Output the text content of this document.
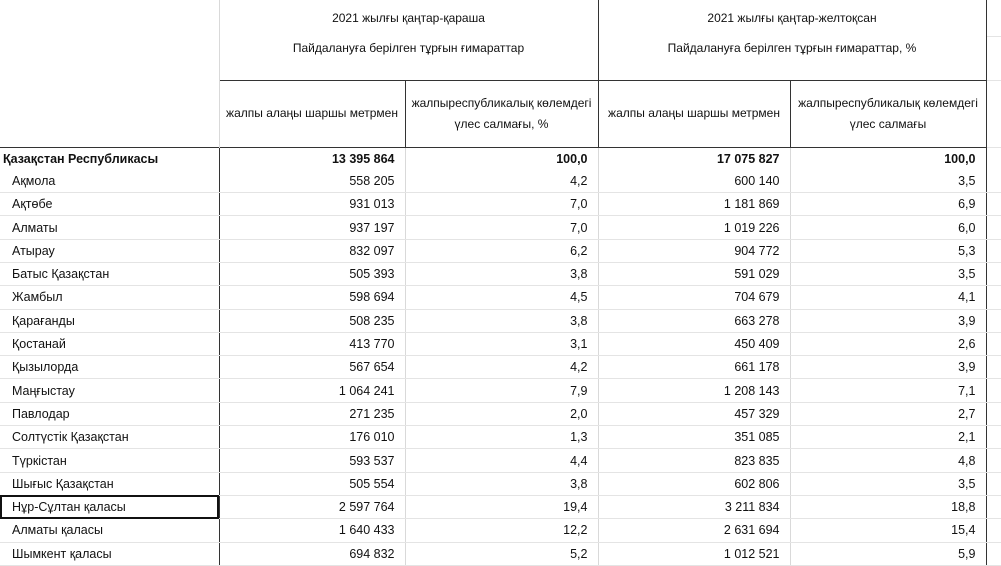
	2021 жылғы қаңтар-қараша		2021 жылғы қаңтар-желтоқсан		
	Пайдалануға берілген тұрғын ғимараттар		Пайдалануға берілген тұрғын ғимараттар, %		
	жалпы алаңы шаршы метрмен	жалпыреспубликалық көлемдегі үлес салмағы, %	жалпы алаңы шаршы метрмен	жалпыреспубликалық көлемдегі үлес салмағы	
Қазақстан Республикасы	13 395 864	100,0	17 075 827	100,0	
Ақмола	558 205	4,2	600 140	3,5	
Ақтөбе	931 013	7,0	1 181 869	6,9	
Алматы	937 197	7,0	1 019 226	6,0	
Атырау	832 097	6,2	904 772	5,3	
Батыс Қазақстан	505 393	3,8	591 029	3,5	
Жамбыл	598 694	4,5	704 679	4,1	
Қарағанды	508 235	3,8	663 278	3,9	
Қостанай	413 770	3,1	450 409	2,6	
Қызылорда	567 654	4,2	661 178	3,9	
Маңғыстау	1 064 241	7,9	1 208 143	7,1	
Павлодар	271 235	2,0	457 329	2,7	
Солтүстік Қазақстан	176 010	1,3	351 085	2,1	
Түркістан	593 537	4,4	823 835	4,8	
Шығыс Қазақстан	505 554	3,8	602 806	3,5	
Нұр-Сұлтан қаласы	2 597 764	19,4	3 211 834	18,8	
Алматы қаласы	1 640 433	12,2	2 631 694	15,4	
Шымкент қаласы	694 832	5,2	1 012 521	5,9	
